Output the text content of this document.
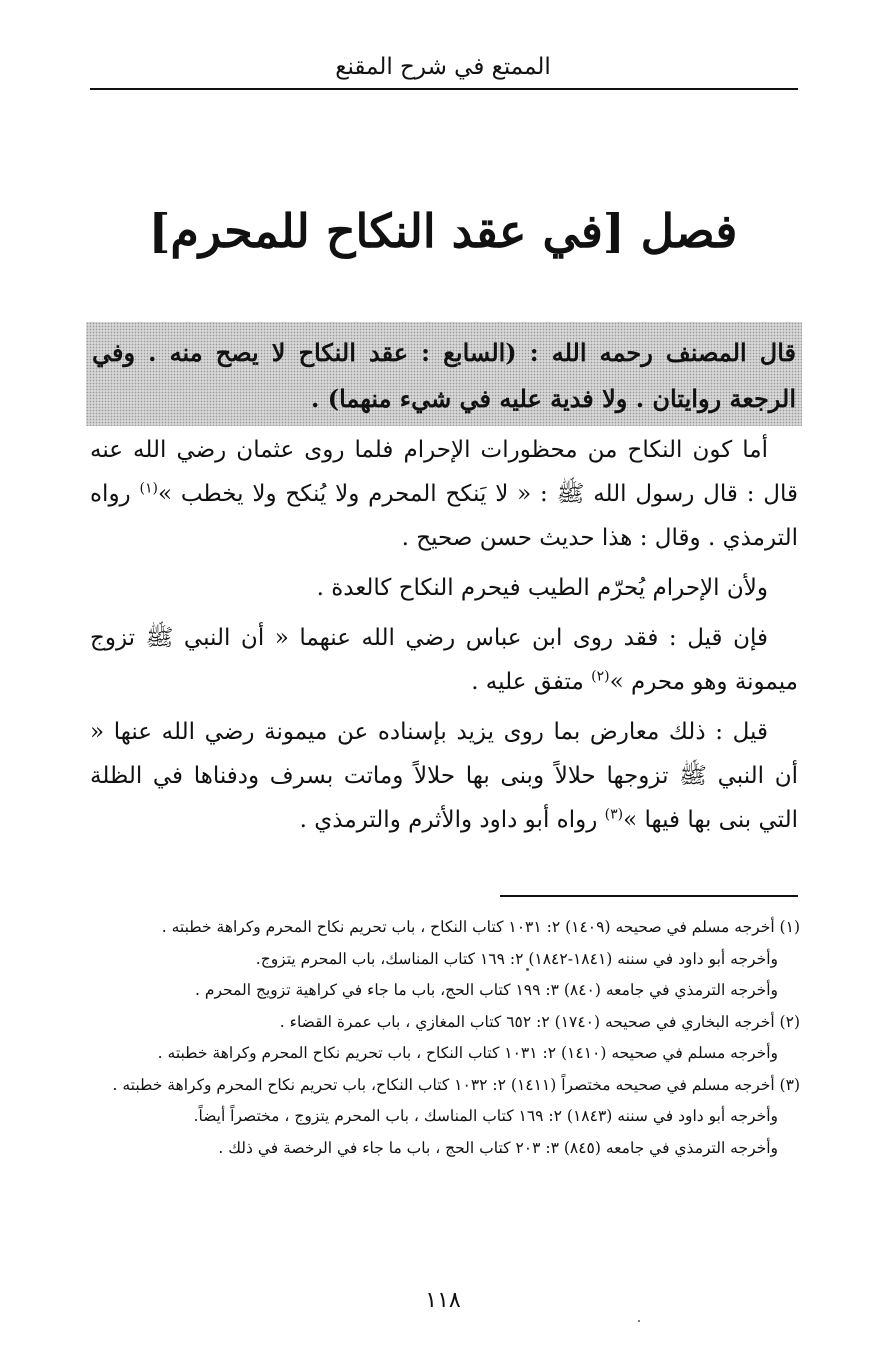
الممتع في شرح المقنع
فصل [في عقد النكاح للمحرم]

قال المصنف رحمه الله : (السابع : عقد النكاح لا يصح منه . وفي الرجعة روايتان . ولا فدية عليه في شيء منهما) .

أما كون النكاح من محظورات الإحرام فلما روى عثمان رضي الله عنه قال : قال رسول الله ﷺ : « لا يَنكح المحرم ولا يُنكح ولا يخطب »$^{(١)}$ رواه الترمذي . وقال : هذا حديث حسن صحيح .

ولأن الإحرام يُحرّم الطيب فيحرم النكاح كالعدة .

فإن قيل : فقد روى ابن عباس رضي الله عنهما « أن النبي ﷺ تزوج ميمونة وهو محرم »$^{(٢)}$ متفق عليه .

قيل : ذلك معارض بما روى يزيد بإسناده عن ميمونة رضي الله عنها « أن النبي ﷺ تزوجها حلالاً وبنى بها حلالاً وماتت بسرف ودفناها في الظلة التي بنى بها فيها »$^{(٣)}$ رواه أبو داود والأثرم والترمذي .

(١) أخرجه مسلم في صحيحه (١٤٠٩) ٢: ١٠٣١ كتاب النكاح ، باب تحريم نكاح المحرم وكراهة خطبته .

وأخرجه أبو داود في سننه (١٨٤١-١٨٤٢) ٢: ١٦٩ كتاب المناسك، باب المحرم يتزوج.

وأخرجه الترمذي في جامعه (٨٤٠) ٣: ١٩٩ كتاب الحج، باب ما جاء في كراهية تزويج المحرم .

(٢) أخرجه البخاري في صحيحه (١٧٤٠) ٢: ٦٥٢ كتاب المغازي ، باب عمرة القضاء .

وأخرجه مسلم في صحيحه (١٤١٠) ٢: ١٠٣١ كتاب النكاح ، باب تحريم نكاح المحرم وكراهة خطبته .

(٣) أخرجه مسلم في صحيحه مختصراً (١٤١١) ٢: ١٠٣٢ كتاب النكاح، باب تحريم نكاح المحرم وكراهة خطبته .

وأخرجه أبو داود في سننه (١٨٤٣) ٢: ١٦٩ كتاب المناسك ، باب المحرم يتزوج ، مختصراً أيضاً.

وأخرجه الترمذي في جامعه (٨٤٥) ٣: ٢٠٣ كتاب الحج ، باب ما جاء في الرخصة في ذلك .

١١٨
